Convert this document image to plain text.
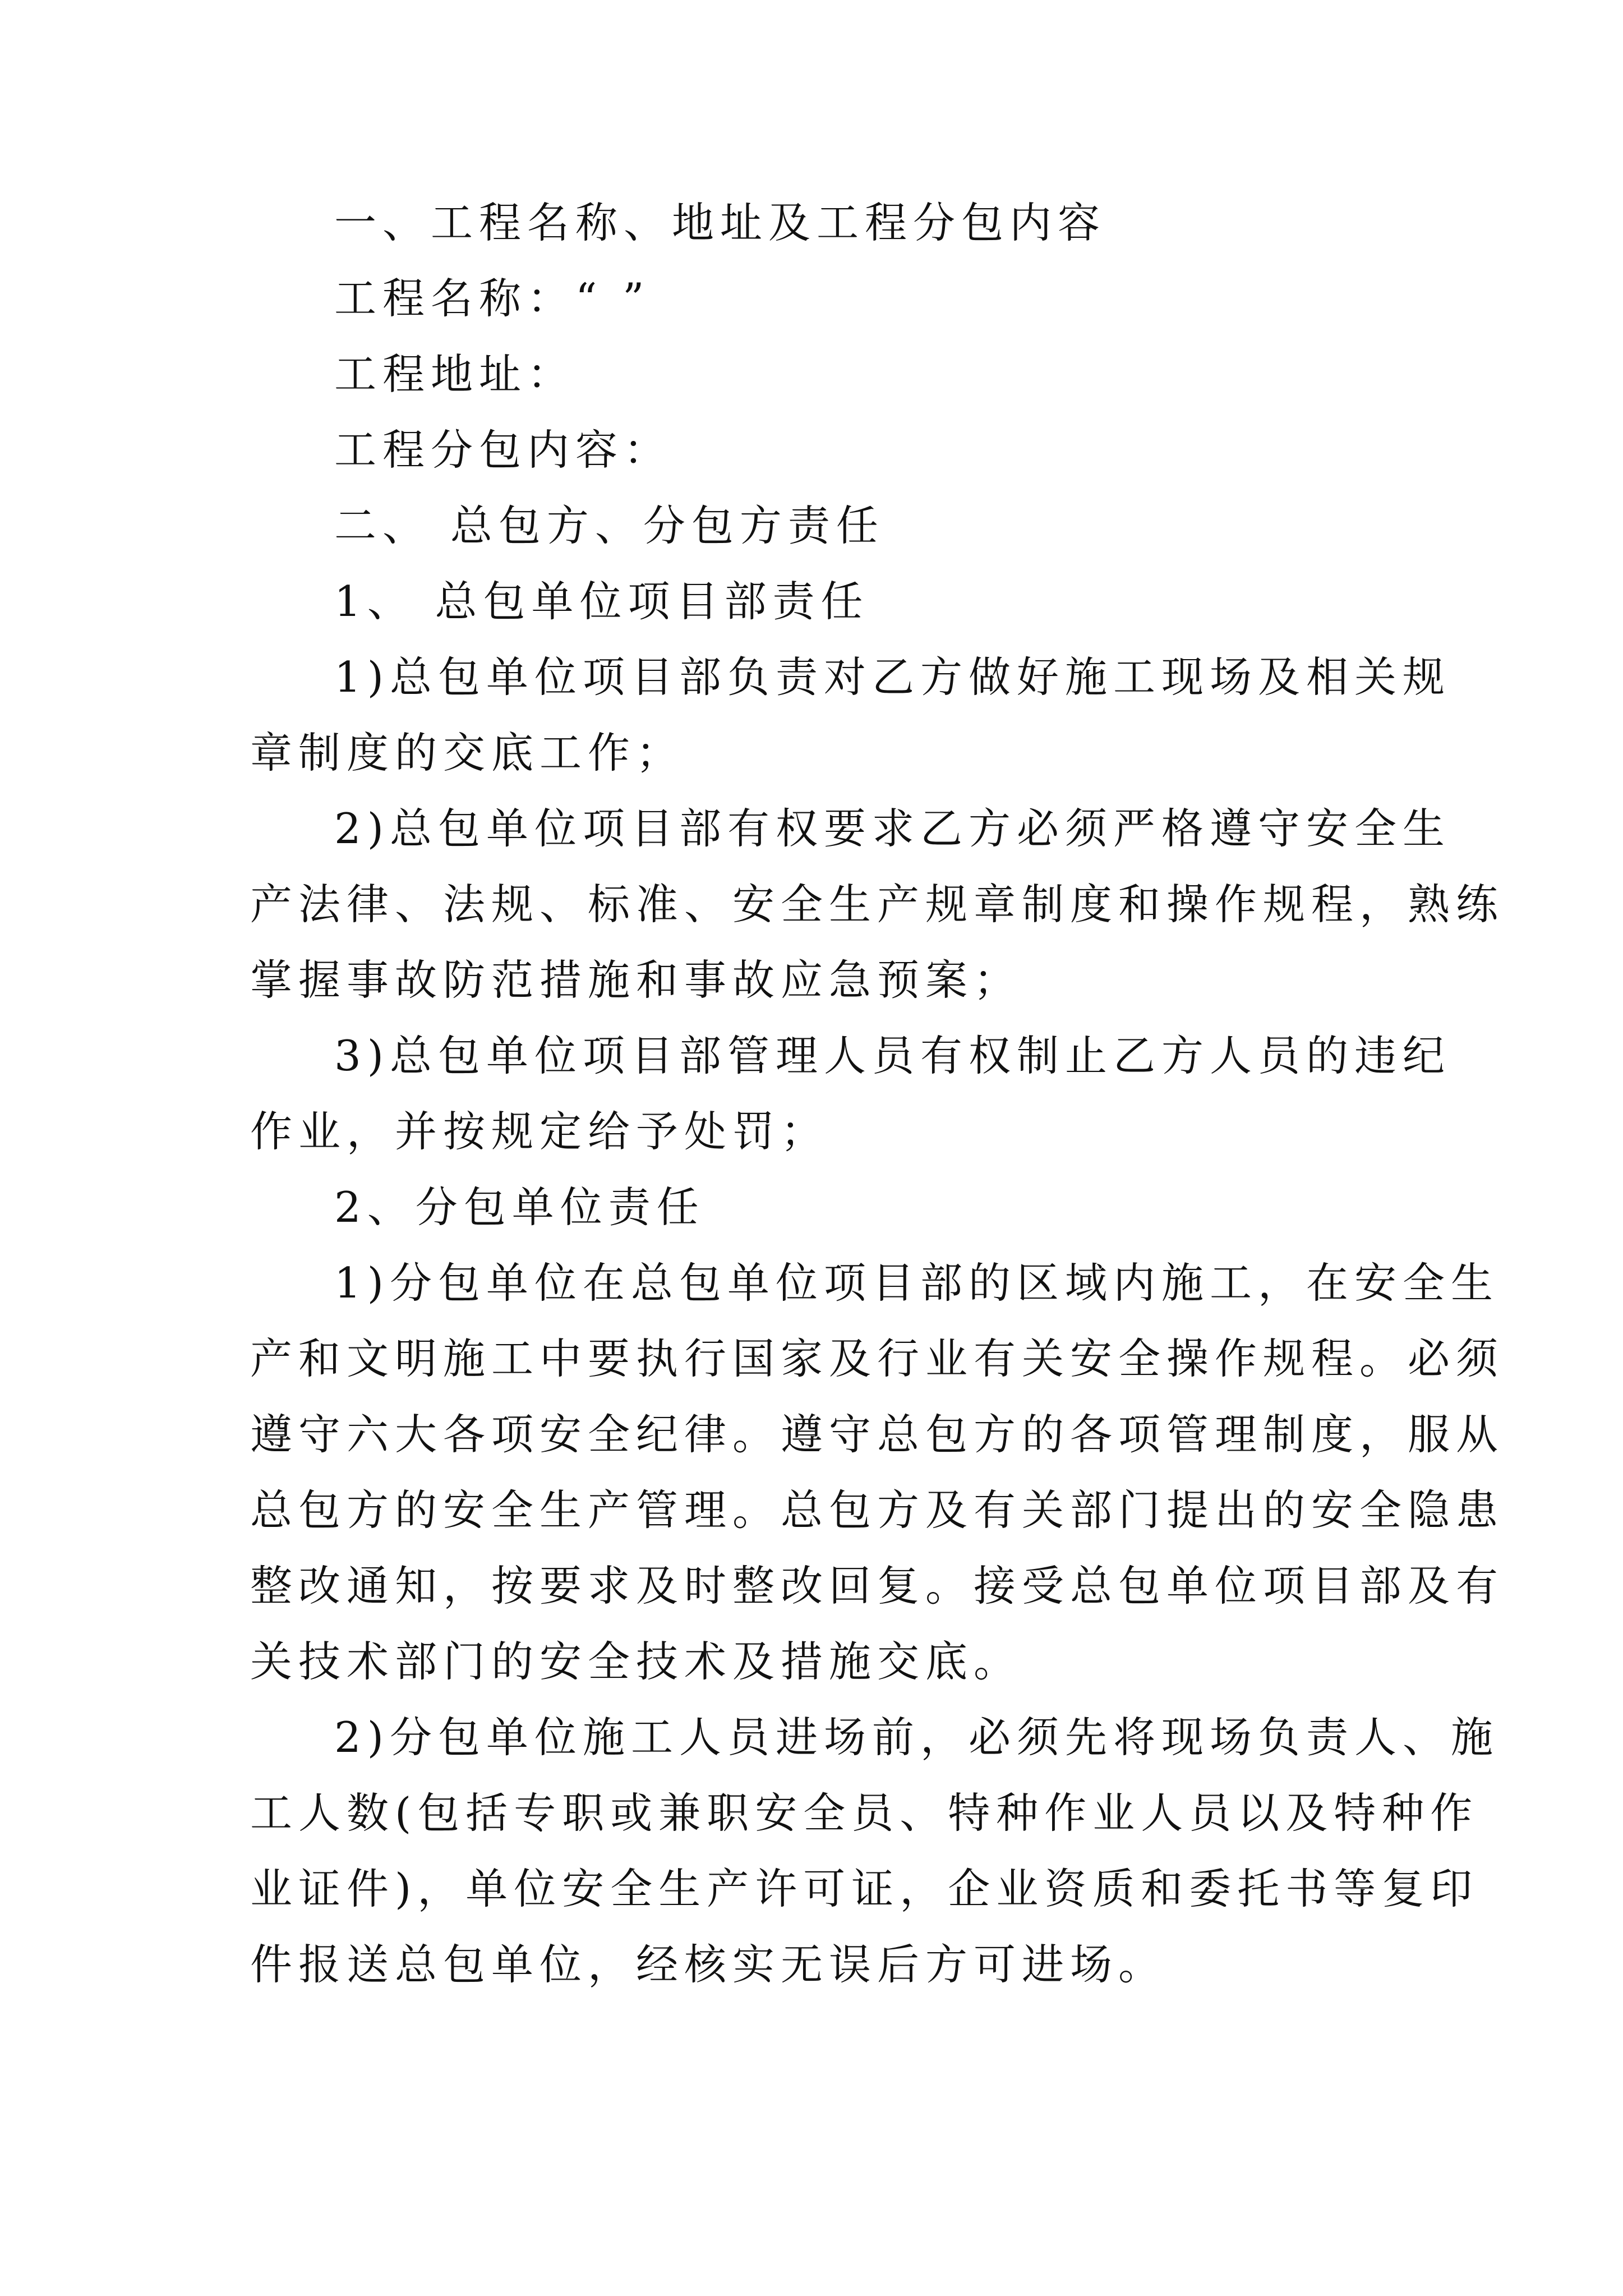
一、工程名称、地址及工程分包内容
工程名称：“ ”
工程地址：
工程分包内容：
二、 总包方、分包方责任
1、 总包单位项目部责任
1)总包单位项目部负责对乙方做好施工现场及相关规
章制度的交底工作；
2)总包单位项目部有权要求乙方必须严格遵守安全生
产法律、法规、标准、安全生产规章制度和操作规程，熟练
掌握事故防范措施和事故应急预案；
3)总包单位项目部管理人员有权制止乙方人员的违纪
作业，并按规定给予处罚；
2、分包单位责任
1)分包单位在总包单位项目部的区域内施工，在安全生
产和文明施工中要执行国家及行业有关安全操作规程。必须
遵守六大各项安全纪律。遵守总包方的各项管理制度，服从
总包方的安全生产管理。总包方及有关部门提出的安全隐患
整改通知，按要求及时整改回复。接受总包单位项目部及有
关技术部门的安全技术及措施交底。
2)分包单位施工人员进场前，必须先将现场负责人、施
工人数(包括专职或兼职安全员、特种作业人员以及特种作
业证件)，单位安全生产许可证，企业资质和委托书等复印
件报送总包单位，经核实无误后方可进场。
